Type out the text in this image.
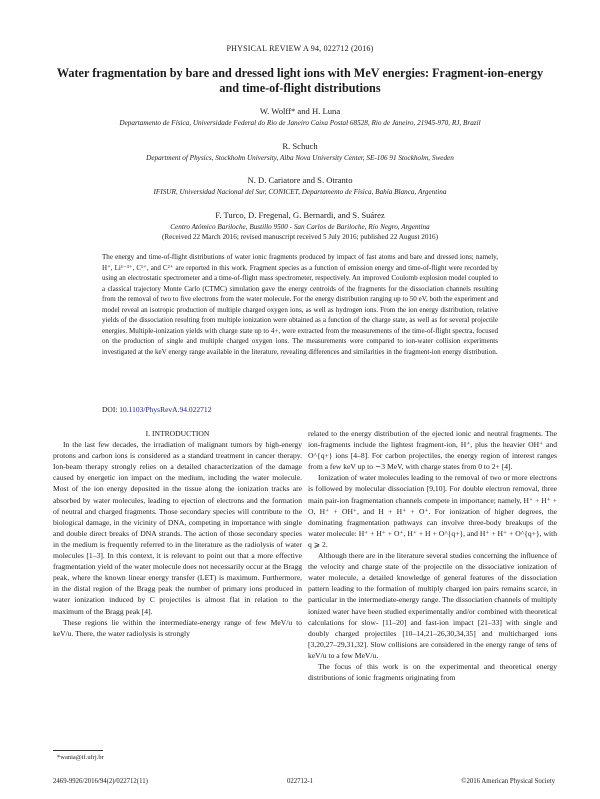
PHYSICAL REVIEW A 94, 022712 (2016)
Water fragmentation by bare and dressed light ions with MeV energies: Fragment-ion-energy and time-of-flight distributions
W. Wolff* and H. Luna
Departamento de Física, Universidade Federal do Rio de Janeiro Caixa Postal 68528, Rio de Janeiro, 21945-970, RJ, Brazil
R. Schuch
Department of Physics, Stockholm University, Alba Nova University Center, SE-106 91 Stockholm, Sweden
N. D. Cariatore and S. Otranto
IFISUR, Universidad Nacional del Sur, CONICET, Departamento de Física, Bahía Blanca, Argentina
F. Turco, D. Fregenal, G. Bernardi, and S. Suárez
Centro Atómico Bariloche, Bustillo 9500 - San Carlos de Bariloche, Río Negro, Argentina
(Received 22 March 2016; revised manuscript received 5 July 2016; published 22 August 2016)
The energy and time-of-flight distributions of water ionic fragments produced by impact of fast atoms and bare and dressed ions; namely, H⁺, Li¹⁻³⁺, C¹⁺, and C²⁺ are reported in this work. Fragment species as a function of emission energy and time-of-flight were recorded by using an electrostatic spectrometer and a time-of-flight mass spectrometer, respectively. An improved Coulomb explosion model coupled to a classical trajectory Monte Carlo (CTMC) simulation gave the energy centroids of the fragments for the dissociation channels resulting from the removal of two to five electrons from the water molecule. For the energy distribution ranging up to 50 eV, both the experiment and model reveal an isotropic production of multiple charged oxygen ions, as well as hydrogen ions. From the ion energy distribution, relative yields of the dissociation resulting from multiple ionization were obtained as a function of the charge state, as well as for several projectile energies. Multiple-ionization yields with charge state up to 4+, were extracted from the measurements of the time-of-flight spectra, focused on the production of single and multiple charged oxygen ions. The measurements were compared to ion-water collision experiments investigated at the keV energy range available in the literature, revealing differences and similarities in the fragment-ion energy distribution.
DOI: 10.1103/PhysRevA.94.022712

I. INTRODUCTION

In the last few decades, the irradiation of malignant tumors by high-energy protons and carbon ions is considered as a standard treatment in cancer therapy. Ion-beam therapy strongly relies on a detailed characterization of the damage caused by energetic ion impact on the medium, including the water molecule. Most of the ion energy deposited in the tissue along the ionization tracks are absorbed by water molecules, leading to ejection of electrons and the formation of neutral and charged fragments. Those secondary species will contribute to the biological damage, in the vicinity of DNA, competing in importance with single and double direct breaks of DNA strands. The action of those secondary species in the medium is frequently referred to in the literature as the radiolysis of water molecules [1–3]. In this context, it is relevant to point out that a more effective fragmentation yield of the water molecule does not necessarily occur at the Bragg peak, where the known linear energy transfer (LET) is maximum. Furthermore, in the distal region of the Bragg peak the number of primary ions produced in water ionization induced by C projectiles is almost flat in relation to the maximum of the Bragg peak [4].

These regions lie within the intermediate-energy range of few MeV/u to keV/u. There, the water radiolysis is strongly

related to the energy distribution of the ejected ionic and neutral fragments. The ion-fragments include the lightest fragment-ion, H⁺, plus the heavier OH⁺ and O^{q+} ions [4–8]. For carbon projectiles, the energy region of interest ranges from a few keV up to ∼3 MeV, with charge states from 0 to 2+ [4].

Ionization of water molecules leading to the removal of two or more electrons is followed by molecular dissociation [9,10]. For double electron removal, three main pair-ion fragmentation channels compete in importance; namely, H⁺ + H⁺ + O, H⁺ + OH⁺, and H + H⁺ + O⁺. For ionization of higher degrees, the dominating fragmentation pathways can involve three-body breakups of the water molecule: H⁺ + H⁺ + O⁺, H⁺ + H + O^{q+}, and H⁺ + H⁺ + O^{q+}, with q ⩾ 2.

Although there are in the literature several studies concerning the influence of the velocity and charge state of the projectile on the dissociative ionization of water molecule, a detailed knowledge of general features of the dissociation pattern leading to the formation of multiply charged ion pairs remains scarce, in particular in the intermediate-energy range. The dissociation channels of multiply ionized water have been studied experimentally and/or combined with theoretical calculations for slow- [11–20] and fast-ion impact [21–33] with single and doubly charged projectiles [10–14,21–26,30,34,35] and multicharged ions [3,20,27–29,31,32]. Slow collisions are considered in the energy range of tens of keV/u to a few MeV/u.

The focus of this work is on the experimental and theoretical energy distributions of ionic fragments originating from

*wania@if.ufrj.br
2469-9926/2016/94(2)/022712(11)	022712-1	©2016 American Physical Society
